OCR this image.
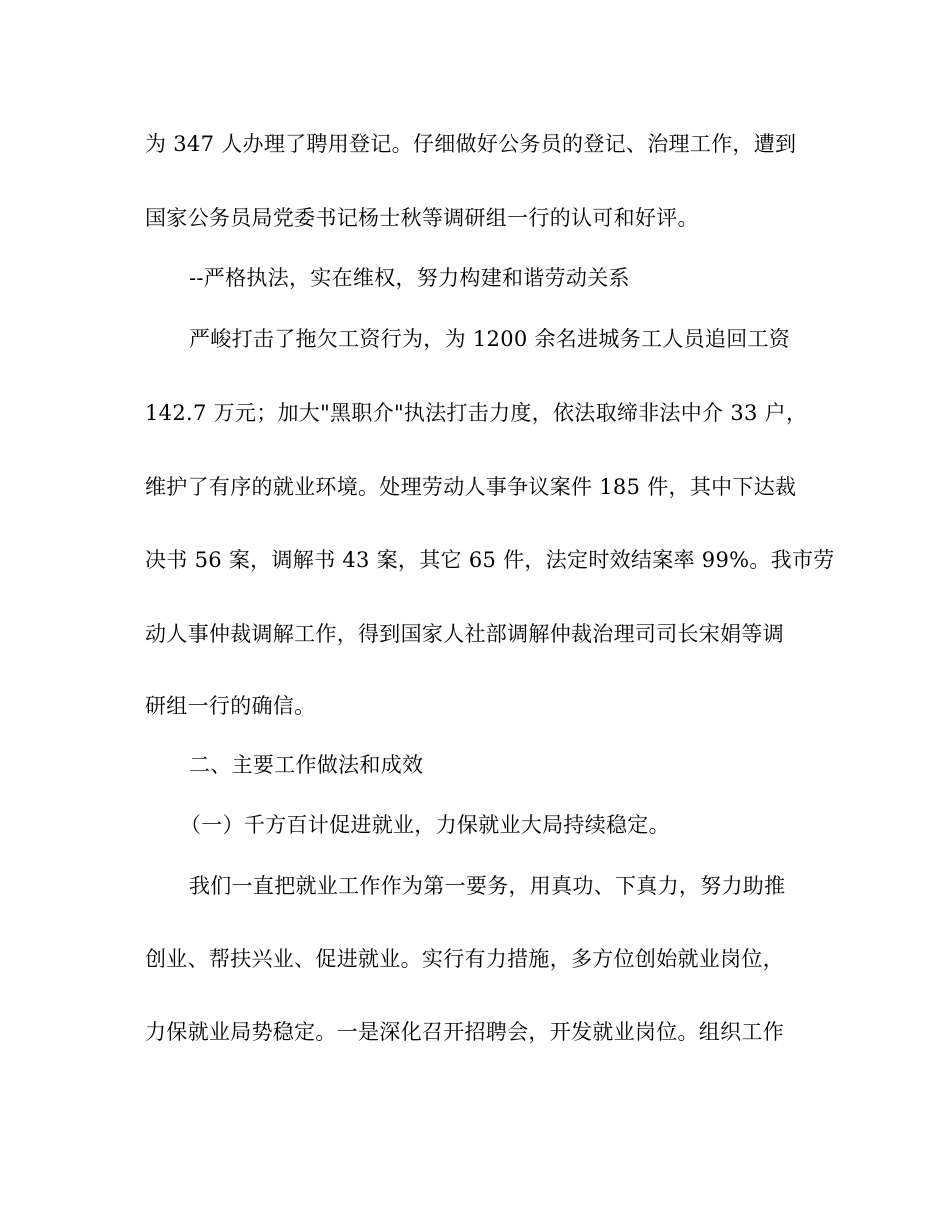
为 347 人办理了聘用登记。仔细做好公务员的登记、治理工作，遭到
国家公务员局党委书记杨士秋等调研组一行的认可和好评。
--严格执法，实在维权，努力构建和谐劳动关系
严峻打击了拖欠工资行为，为 1200 余名进城务工人员追回工资
142.7 万元；加大"黑职介"执法打击力度，依法取缔非法中介 33 户，
维护了有序的就业环境。处理劳动人事争议案件 185 件，其中下达裁
决书 56 案，调解书 43 案，其它 65 件，法定时效结案率 99%。我市劳
动人事仲裁调解工作，得到国家人社部调解仲裁治理司司长宋娟等调
研组一行的确信。
二、主要工作做法和成效
（一）千方百计促进就业，力保就业大局持续稳定。
我们一直把就业工作作为第一要务，用真功、下真力，努力助推
创业、帮扶兴业、促进就业。实行有力措施，多方位创始就业岗位，
力保就业局势稳定。一是深化召开招聘会，开发就业岗位。组织工作
